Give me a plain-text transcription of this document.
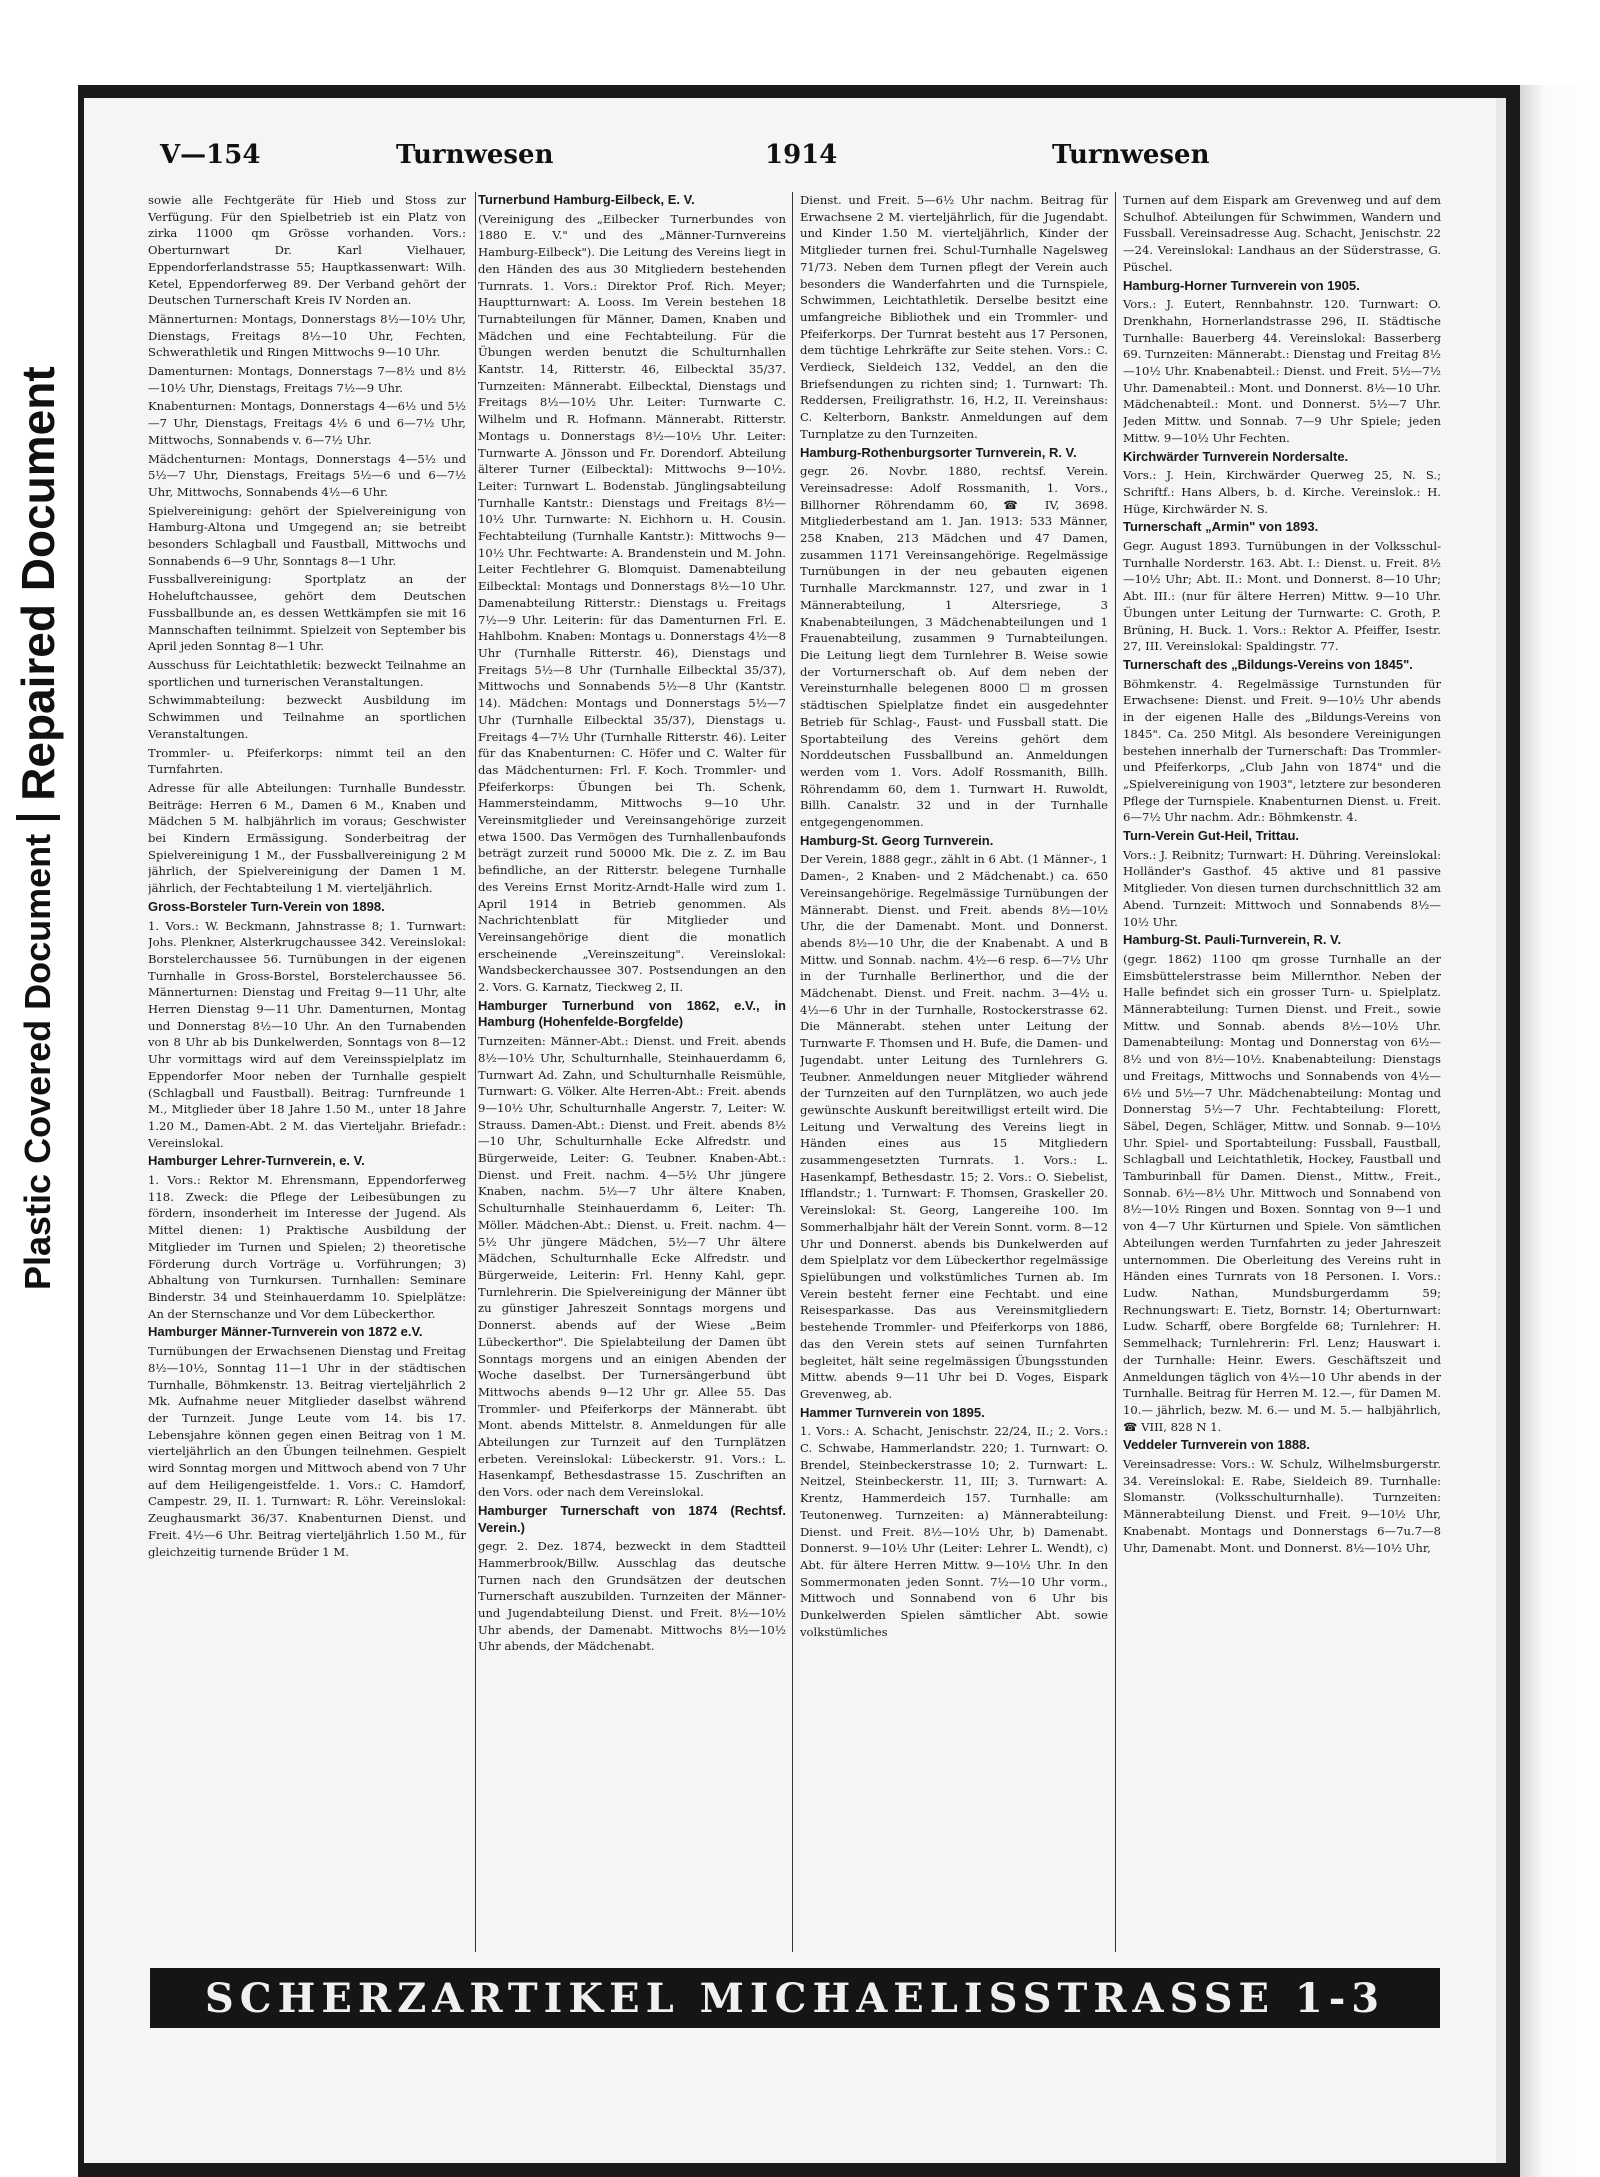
Plastic Covered Document
Repaired Document
V—154	Turnwesen	1914	Turnwesen

sowie alle Fechtgeräte für Hieb und Stoss zur Verfügung. Für den Spielbetrieb ist ein Platz von zirka 11000 qm Grösse vorhanden. Vors.: Oberturnwart Dr. Karl Vielhauer, Eppendorferlandstrasse 55; Hauptkassenwart: Wilh. Ketel, Eppendorferweg 89. Der Verband gehört der Deutschen Turnerschaft Kreis IV Norden an.

Männerturnen: Montags, Donnerstags 8½—10½ Uhr, Dienstags, Freitags 8½—10 Uhr, Fechten, Schwerathletik und Ringen Mittwochs 9—10 Uhr.

Damenturnen: Montags, Donnerstags 7—8½ und 8½—10½ Uhr, Dienstags, Freitags 7½—9 Uhr.

Knabenturnen: Montags, Donnerstags 4—6½ und 5½—7 Uhr, Dienstags, Freitags 4½ 6 und 6—7½ Uhr, Mittwochs, Sonnabends v. 6—7½ Uhr.

Mädchenturnen: Montags, Donnerstags 4—5½ und 5½—7 Uhr, Dienstags, Freitags 5½—6 und 6—7½ Uhr, Mittwochs, Sonnabends 4½—6 Uhr.

Spielvereinigung: gehört der Spielvereinigung von Hamburg-Altona und Umgegend an; sie betreibt besonders Schlagball und Faustball, Mittwochs und Sonnabends 6—9 Uhr, Sonntags 8—1 Uhr.

Fussballvereinigung: Sportplatz an der Hoheluftchaussee, gehört dem Deutschen Fussballbunde an, es dessen Wettkämpfen sie mit 16 Mannschaften teilnimmt. Spielzeit von September bis April jeden Sonntag 8—1 Uhr.

Ausschuss für Leichtathletik: bezweckt Teilnahme an sportlichen und turnerischen Veranstaltungen.

Schwimmabteilung: bezweckt Ausbildung im Schwimmen und Teilnahme an sportlichen Veranstaltungen.

Trommler- u. Pfeiferkorps: nimmt teil an den Turnfahrten.

Adresse für alle Abteilungen: Turnhalle Bundesstr. Beiträge: Herren 6 M., Damen 6 M., Knaben und Mädchen 5 M. halbjährlich im voraus; Geschwister bei Kindern Ermässigung. Sonderbeitrag der Spielvereinigung 1 M., der Fussballvereinigung 2 M jährlich, der Spielvereinigung der Damen 1 M. jährlich, der Fechtabteilung 1 M. vierteljährlich.

Gross-Borsteler Turn-Verein von 1898.

1. Vors.: W. Beckmann, Jahnstrasse 8; 1. Turnwart: Johs. Plenkner, Alsterkrugchaussee 342. Vereinslokal: Borstelerchaussee 56. Turnübungen in der eigenen Turnhalle in Gross-Borstel, Borstelerchaussee 56. Männerturnen: Dienstag und Freitag 9—11 Uhr, alte Herren Dienstag 9—11 Uhr. Damenturnen, Montag und Donnerstag 8½—10 Uhr. An den Turnabenden von 8 Uhr ab bis Dunkelwerden, Sonntags von 8—12 Uhr vormittags wird auf dem Vereinsspielplatz im Eppendorfer Moor neben der Turnhalle gespielt (Schlagball und Faustball). Beitrag: Turnfreunde 1 M., Mitglieder über 18 Jahre 1.50 M., unter 18 Jahre 1.20 M., Damen-Abt. 2 M. das Vierteljahr. Briefadr.: Vereinslokal.

Hamburger Lehrer-Turnverein, e. V.

1. Vors.: Rektor M. Ehrensmann, Eppendorferweg 118. Zweck: die Pflege der Leibesübungen zu fördern, insonderheit im Interesse der Jugend. Als Mittel dienen: 1) Praktische Ausbildung der Mitglieder im Turnen und Spielen; 2) theoretische Förderung durch Vorträge u. Vorführungen; 3) Abhaltung von Turnkursen. Turnhallen: Seminare Binderstr. 34 und Steinhauerdamm 10. Spielplätze: An der Sternschanze und Vor dem Lübeckerthor.

Hamburger Männer-Turnverein von 1872 e.V.

Turnübungen der Erwachsenen Dienstag und Freitag 8½—10½, Sonntag 11—1 Uhr in der städtischen Turnhalle, Böhmkenstr. 13. Beitrag vierteljährlich 2 Mk. Aufnahme neuer Mitglieder daselbst während der Turnzeit. Junge Leute vom 14. bis 17. Lebensjahre können gegen einen Beitrag von 1 M. vierteljährlich an den Übungen teilnehmen. Gespielt wird Sonntag morgen und Mittwoch abend von 7 Uhr auf dem Heiligengeistfelde. 1. Vors.: C. Hamdorf, Campestr. 29, II. 1. Turnwart: R. Löhr. Vereinslokal: Zeughausmarkt 36/37. Knabenturnen Dienst. und Freit. 4½—6 Uhr. Beitrag vierteljährlich 1.50 M., für gleichzeitig turnende Brüder 1 M.

Turnerbund Hamburg-Eilbeck, E. V.

(Vereinigung des „Eilbecker Turnerbundes von 1880 E. V." und des „Männer-Turnvereins Hamburg-Eilbeck"). Die Leitung des Vereins liegt in den Händen des aus 30 Mitgliedern bestehenden Turnrats. 1. Vors.: Direktor Prof. Rich. Meyer; Hauptturnwart: A. Looss. Im Verein bestehen 18 Turnabteilungen für Männer, Damen, Knaben und Mädchen und eine Fechtabteilung. Für die Übungen werden benutzt die Schulturnhallen Kantstr. 14, Ritterstr. 46, Eilbecktal 35/37. Turnzeiten: Männerabt. Eilbecktal, Dienstags und Freitags 8½—10½ Uhr. Leiter: Turnwarte C. Wilhelm und R. Hofmann. Männerabt. Ritterstr. Montags u. Donnerstags 8½—10½ Uhr. Leiter: Turnwarte A. Jönsson und Fr. Dorendorf. Abteilung älterer Turner (Eilbecktal): Mittwochs 9—10½. Leiter: Turnwart L. Bodenstab. Jünglingsabteilung Turnhalle Kantstr.: Dienstags und Freitags 8½—10½ Uhr. Turnwarte: N. Eichhorn u. H. Cousin. Fechtabteilung (Turnhalle Kantstr.): Mittwochs 9—10½ Uhr. Fechtwarte: A. Brandenstein und M. John. Leiter Fechtlehrer G. Blomquist. Damenabteilung Eilbecktal: Montags und Donnerstags 8½—10 Uhr. Damenabteilung Ritterstr.: Dienstags u. Freitags 7½—9 Uhr. Leiterin: für das Damenturnen Frl. E. Hahlbohm. Knaben: Montags u. Donnerstags 4½—8 Uhr (Turnhalle Ritterstr. 46), Dienstags und Freitags 5½—8 Uhr (Turnhalle Eilbecktal 35/37), Mittwochs und Sonnabends 5½—8 Uhr (Kantstr. 14). Mädchen: Montags und Donnerstags 5½—7 Uhr (Turnhalle Eilbecktal 35/37), Dienstags u. Freitags 4—7½ Uhr (Turnhalle Ritterstr. 46). Leiter für das Knabenturnen: C. Höfer und C. Walter für das Mädchenturnen: Frl. F. Koch. Trommler- und Pfeiferkorps: Übungen bei Th. Schenk, Hammersteindamm, Mittwochs 9—10 Uhr. Vereinsmitglieder und Vereinsangehörige zurzeit etwa 1500. Das Vermögen des Turnhallenbaufonds beträgt zurzeit rund 50000 Mk. Die z. Z. im Bau befindliche, an der Ritterstr. belegene Turnhalle des Vereins Ernst Moritz-Arndt-Halle wird zum 1. April 1914 in Betrieb genommen. Als Nachrichtenblatt für Mitglieder und Vereinsangehörige dient die monatlich erscheinende „Vereinszeitung". Vereinslokal: Wandsbeckerchaussee 307. Postsendungen an den 2. Vors. G. Karnatz, Tieckweg 2, II.

Hamburger Turnerbund von 1862, e.V., in Hamburg (Hohenfelde-Borgfelde)

Turnzeiten: Männer-Abt.: Dienst. und Freit. abends 8½—10½ Uhr, Schulturnhalle, Steinhauerdamm 6, Turnwart Ad. Zahn, und Schulturnhalle Reismühle, Turnwart: G. Völker. Alte Herren-Abt.: Freit. abends 9—10½ Uhr, Schulturnhalle Angerstr. 7, Leiter: W. Strauss. Damen-Abt.: Dienst. und Freit. abends 8½—10 Uhr, Schulturnhalle Ecke Alfredstr. und Bürgerweide, Leiter: G. Teubner. Knaben-Abt.: Dienst. und Freit. nachm. 4—5½ Uhr jüngere Knaben, nachm. 5½—7 Uhr ältere Knaben, Schulturnhalle Steinhauerdamm 6, Leiter: Th. Möller. Mädchen-Abt.: Dienst. u. Freit. nachm. 4—5½ Uhr jüngere Mädchen, 5½—7 Uhr ältere Mädchen, Schulturnhalle Ecke Alfredstr. und Bürgerweide, Leiterin: Frl. Henny Kahl, gepr. Turnlehrerin. Die Spielvereinigung der Männer übt zu günstiger Jahreszeit Sonntags morgens und Donnerst. abends auf der Wiese „Beim Lübeckerthor". Die Spielabteilung der Damen übt Sonntags morgens und an einigen Abenden der Woche daselbst. Der Turnersängerbund übt Mittwochs abends 9—12 Uhr gr. Allee 55. Das Trommler- und Pfeiferkorps der Männerabt. übt Mont. abends Mittelstr. 8. Anmeldungen für alle Abteilungen zur Turnzeit auf den Turnplätzen erbeten. Vereinslokal: Lübeckerstr. 91. Vors.: L. Hasenkampf, Bethesdastrasse 15. Zuschriften an den Vors. oder nach dem Vereinslokal.

Hamburger Turnerschaft von 1874 (Rechtsf. Verein.)

gegr. 2. Dez. 1874, bezweckt in dem Stadtteil Hammerbrook/Billw. Ausschlag das deutsche Turnen nach den Grundsätzen der deutschen Turnerschaft auszubilden. Turnzeiten der Männer- und Jugendabteilung Dienst. und Freit. 8½—10½ Uhr abends, der Damenabt. Mittwochs 8½—10½ Uhr abends, der Mädchenabt.

Dienst. und Freit. 5—6½ Uhr nachm. Beitrag für Erwachsene 2 M. vierteljährlich, für die Jugendabt. und Kinder 1.50 M. vierteljährlich, Kinder der Mitglieder turnen frei. Schul-Turnhalle Nagelsweg 71/73. Neben dem Turnen pflegt der Verein auch besonders die Wanderfahrten und die Turnspiele, Schwimmen, Leichtathletik. Derselbe besitzt eine umfangreiche Bibliothek und ein Trommler- und Pfeiferkorps. Der Turnrat besteht aus 17 Personen, dem tüchtige Lehrkräfte zur Seite stehen. Vors.: C. Verdieck, Sieldeich 132, Veddel, an den die Briefsendungen zu richten sind; 1. Turnwart: Th. Reddersen, Freiligrathstr. 16, H.2, II. Vereinshaus: C. Kelterborn, Bankstr. Anmeldungen auf dem Turnplatze zu den Turnzeiten.

Hamburg-Rothenburgsorter Turnverein, R. V.

gegr. 26. Novbr. 1880, rechtsf. Verein. Vereinsadresse: Adolf Rossmanith, 1. Vors., Billhorner Röhrendamm 60, ☎ IV, 3698. Mitgliederbestand am 1. Jan. 1913: 533 Männer, 258 Knaben, 213 Mädchen und 47 Damen, zusammen 1171 Vereinsangehörige. Regelmässige Turnübungen in der neu gebauten eigenen Turnhalle Marckmannstr. 127, und zwar in 1 Männerabteilung, 1 Altersriege, 3 Knabenabteilungen, 3 Mädchenabteilungen und 1 Frauenabteilung, zusammen 9 Turnabteilungen. Die Leitung liegt dem Turnlehrer B. Weise sowie der Vorturnerschaft ob. Auf dem neben der Vereinsturnhalle belegenen 8000 ☐ m grossen städtischen Spielplatze findet ein ausgedehnter Betrieb für Schlag-, Faust- und Fussball statt. Die Sportabteilung des Vereins gehört dem Norddeutschen Fussballbund an. Anmeldungen werden vom 1. Vors. Adolf Rossmanith, Billh. Röhrendamm 60, dem 1. Turnwart H. Ruwoldt, Billh. Canalstr. 32 und in der Turnhalle entgegengenommen.

Hamburg-St. Georg Turnverein.

Der Verein, 1888 gegr., zählt in 6 Abt. (1 Männer-, 1 Damen-, 2 Knaben- und 2 Mädchenabt.) ca. 650 Vereinsangehörige. Regelmässige Turnübungen der Männerabt. Dienst. und Freit. abends 8½—10½ Uhr, die der Damenabt. Mont. und Donnerst. abends 8½—10 Uhr, die der Knabenabt. A und B Mittw. und Sonnab. nachm. 4½—6 resp. 6—7½ Uhr in der Turnhalle Berlinerthor, und die der Mädchenabt. Dienst. und Freit. nachm. 3—4½ u. 4½—6 Uhr in der Turnhalle, Rostockerstrasse 62. Die Männerabt. stehen unter Leitung der Turnwarte F. Thomsen und H. Bufe, die Damen- und Jugendabt. unter Leitung des Turnlehrers G. Teubner. Anmeldungen neuer Mitglieder während der Turnzeiten auf den Turnplätzen, wo auch jede gewünschte Auskunft bereitwilligst erteilt wird. Die Leitung und Verwaltung des Vereins liegt in Händen eines aus 15 Mitgliedern zusammengesetzten Turnrats. 1. Vors.: L. Hasenkampf, Bethesdastr. 15; 2. Vors.: O. Siebelist, Ifflandstr.; 1. Turnwart: F. Thomsen, Graskeller 20. Vereinslokal: St. Georg, Langereihe 100. Im Sommerhalbjahr hält der Verein Sonnt. vorm. 8—12 Uhr und Donnerst. abends bis Dunkelwerden auf dem Spielplatz vor dem Lübeckerthor regelmässige Spielübungen und volkstümliches Turnen ab. Im Verein besteht ferner eine Fechtabt. und eine Reisesparkasse. Das aus Vereinsmitgliedern bestehende Trommler- und Pfeiferkorps von 1886, das den Verein stets auf seinen Turnfahrten begleitet, hält seine regelmässigen Übungsstunden Mittw. abends 9—11 Uhr bei D. Voges, Eispark Grevenweg, ab.

Hammer Turnverein von 1895.

1. Vors.: A. Schacht, Jenischstr. 22/24, II.; 2. Vors.: C. Schwabe, Hammerlandstr. 220; 1. Turnwart: O. Brendel, Steinbeckerstrasse 10; 2. Turnwart: L. Neitzel, Steinbeckerstr. 11, III; 3. Turnwart: A. Krentz, Hammerdeich 157. Turnhalle: am Teutonenweg. Turnzeiten: a) Männerabteilung: Dienst. und Freit. 8½—10½ Uhr, b) Damenabt. Donnerst. 9—10½ Uhr (Leiter: Lehrer L. Wendt), c) Abt. für ältere Herren Mittw. 9—10½ Uhr. In den Sommermonaten jeden Sonnt. 7½—10 Uhr vorm., Mittwoch und Sonnabend von 6 Uhr bis Dunkelwerden Spielen sämtlicher Abt. sowie volkstümliches

Turnen auf dem Eispark am Grevenweg und auf dem Schulhof. Abteilungen für Schwimmen, Wandern und Fussball. Vereinsadresse Aug. Schacht, Jenischstr. 22—24. Vereinslokal: Landhaus an der Süderstrasse, G. Püschel.

Hamburg-Horner Turnverein von 1905.

Vors.: J. Eutert, Rennbahnstr. 120. Turnwart: O. Drenkhahn, Hornerlandstrasse 296, II. Städtische Turnhalle: Bauerberg 44. Vereinslokal: Basserberg 69. Turnzeiten: Männerabt.: Dienstag und Freitag 8½—10½ Uhr. Knabenabteil.: Dienst. und Freit. 5½—7½ Uhr. Damenabteil.: Mont. und Donnerst. 8½—10 Uhr. Mädchenabteil.: Mont. und Donnerst. 5½—7 Uhr. Jeden Mittw. und Sonnab. 7—9 Uhr Spiele; jeden Mittw. 9—10½ Uhr Fechten.

Kirchwärder Turnverein Nordersalte.

Vors.: J. Hein, Kirchwärder Querweg 25, N. S.; Schriftf.: Hans Albers, b. d. Kirche. Vereinslok.: H. Hüge, Kirchwärder N. S.

Turnerschaft „Armin" von 1893.

Gegr. August 1893. Turnübungen in der Volksschul-Turnhalle Norderstr. 163. Abt. I.: Dienst. u. Freit. 8½—10½ Uhr; Abt. II.: Mont. und Donnerst. 8—10 Uhr; Abt. III.: (nur für ältere Herren) Mittw. 9—10 Uhr. Übungen unter Leitung der Turnwarte: C. Groth, P. Brüning, H. Buck. 1. Vors.: Rektor A. Pfeiffer, Isestr. 27, III. Vereinslokal: Spaldingstr. 77.

Turnerschaft des „Bildungs-Vereins von 1845".

Böhmkenstr. 4. Regelmässige Turnstunden für Erwachsene: Dienst. und Freit. 9—10½ Uhr abends in der eigenen Halle des „Bildungs-Vereins von 1845". Ca. 250 Mitgl. Als besondere Vereinigungen bestehen innerhalb der Turnerschaft: Das Trommler- und Pfeiferkorps, „Club Jahn von 1874" und die „Spielvereinigung von 1903", letztere zur besonderen Pflege der Turnspiele. Knabenturnen Dienst. u. Freit. 6—7½ Uhr nachm. Adr.: Böhmkenstr. 4.

Turn-Verein Gut-Heil, Trittau.

Vors.: J. Reibnitz; Turnwart: H. Dühring. Vereinslokal: Holländer's Gasthof. 45 aktive und 81 passive Mitglieder. Von diesen turnen durchschnittlich 32 am Abend. Turnzeit: Mittwoch und Sonnabends 8½—10½ Uhr.

Hamburg-St. Pauli-Turnverein, R. V.

(gegr. 1862) 1100 qm grosse Turnhalle an der Eimsbüttelerstrasse beim Millernthor. Neben der Halle befindet sich ein grosser Turn- u. Spielplatz. Männerabteilung: Turnen Dienst. und Freit., sowie Mittw. und Sonnab. abends 8½—10½ Uhr. Damenabteilung: Montag und Donnerstag von 6½—8½ und von 8½—10½. Knabenabteilung: Dienstags und Freitags, Mittwochs und Sonnabends von 4½—6½ und 5½—7 Uhr. Mädchenabteilung: Montag und Donnerstag 5½—7 Uhr. Fechtabteilung: Florett, Säbel, Degen, Schläger, Mittw. und Sonnab. 9—10½ Uhr. Spiel- und Sportabteilung: Fussball, Faustball, Schlagball und Leichtathletik, Hockey, Faustball und Tamburinball für Damen. Dienst., Mittw., Freit., Sonnab. 6½—8½ Uhr. Mittwoch und Sonnabend von 8½—10½ Ringen und Boxen. Sonntag von 9—1 und von 4—7 Uhr Kürturnen und Spiele. Von sämtlichen Abteilungen werden Turnfahrten zu jeder Jahreszeit unternommen. Die Oberleitung des Vereins ruht in Händen eines Turnrats von 18 Personen. I. Vors.: Ludw. Nathan, Mundsburgerdamm 59; Rechnungswart: E. Tietz, Bornstr. 14; Oberturnwart: Ludw. Scharff, obere Borgfelde 68; Turnlehrer: H. Semmelhack; Turnlehrerin: Frl. Lenz; Hauswart i. der Turnhalle: Heinr. Ewers. Geschäftszeit und Anmeldungen täglich von 4½—10 Uhr abends in der Turnhalle. Beitrag für Herren M. 12.—, für Damen M. 10.— jährlich, bezw. M. 6.— und M. 5.— halbjährlich, ☎ VIII, 828 N 1.

Veddeler Turnverein von 1888.

Vereinsadresse: Vors.: W. Schulz, Wilhelmsburgerstr. 34. Vereinslokal: E. Rabe, Sieldeich 89. Turnhalle: Slomanstr. (Volksschulturnhalle). Turnzeiten: Männerabteilung Dienst. und Freit. 9—10½ Uhr, Knabenabt. Montags und Donnerstags 6—7u.7—8 Uhr, Damenabt. Mont. und Donnerst. 8½—10½ Uhr,

SCHERZARTIKEL MICHAELISSTRASSE 1-3
